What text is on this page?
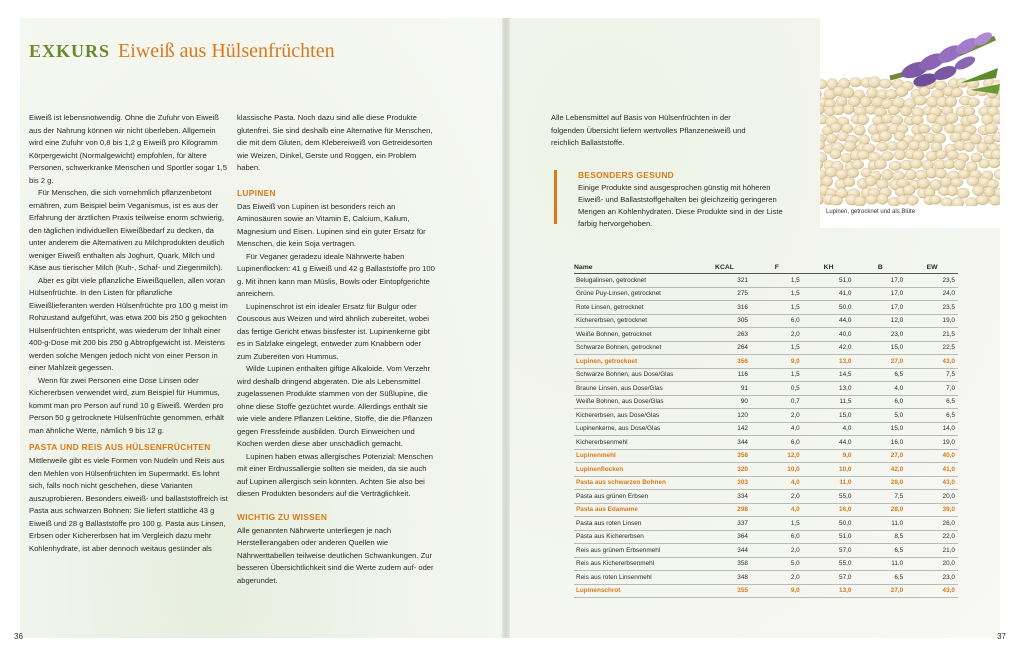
EXKURS Eiweiß aus Hülsenfrüchten

Eiweiß ist lebensnotwendig. Ohne die Zufuhr von Eiweiß aus der Nahrung können wir nicht überleben. Allgemein wird eine Zufuhr von 0,8 bis 1,2 g Eiweiß pro Kilogramm Körpergewicht (Normalgewicht) empfohlen, für ältere Personen, schwerkranke Menschen und Sportler sogar 1,5 bis 2 g.

Für Menschen, die sich vornehmlich pflanzenbetont ernähren, zum Beispiel beim Veganismus, ist es aus der Erfahrung der ärztlichen Praxis teilweise enorm schwierig, den täglichen individuellen Eiweißbedarf zu decken, da unter anderem die Alternativen zu Milchprodukten deutlich weniger Eiweiß enthalten als Joghurt, Quark, Milch und Käse aus tierischer Milch (Kuh-, Schaf- und Ziegenmilch).

Aber es gibt viele pflanzliche Eiweißquellen, allen voran Hülsenfrüchte. In den Listen für pflanzliche Eiweißlieferanten werden Hülsenfrüchte pro 100 g meist im Rohzustand aufgeführt, was etwa 200 bis 250 g gekochten Hülsenfrüchten entspricht, was wiederum der Inhalt einer 400-g-Dose mit 200 bis 250 g Abtropfgewicht ist. Meistens werden solche Mengen jedoch nicht von einer Person in einer Mahlzeit gegessen.

Wenn für zwei Personen eine Dose Linsen oder Kichererbsen verwendet wird, zum Beispiel für Hummus, kommt man pro Person auf rund 10 g Eiweiß. Werden pro Person 50 g getrocknete Hülsenfrüchte genommen, erhält man ähnliche Werte, nämlich 9 bis 12 g.

PASTA UND REIS AUS HÜLSENFRÜCHTEN

Mittlerweile gibt es viele Formen von Nudeln und Reis aus den Mehlen von Hülsenfrüchten im Supermarkt. Es lohnt sich, falls noch nicht geschehen, diese Varianten auszuprobieren. Besonders eiweiß- und ballaststoffreich ist Pasta aus schwarzen Bohnen: Sie liefert stattliche 43 g Eiweiß und 28 g Ballaststoffe pro 100 g. Pasta aus Linsen, Erbsen oder Kichererbsen hat im Vergleich dazu mehr Kohlenhydrate, ist aber dennoch weitaus gesünder als

klassische Pasta. Noch dazu sind alle diese Produkte glutenfrei. Sie sind deshalb eine Alternative für Menschen, die mit dem Gluten, dem Klebereiweiß von Getreidesorten wie Weizen, Dinkel, Gerste und Roggen, ein Problem haben.

LUPINEN

Das Eiweiß von Lupinen ist besonders reich an Aminosäuren sowie an Vitamin E, Calcium, Kalium, Magnesium und Eisen. Lupinen sind ein guter Ersatz für Menschen, die kein Soja vertragen.

Für Veganer geradezu ideale Nährwerte haben Lupinenflocken: 41 g Eiweiß und 42 g Ballaststoffe pro 100 g. Mit ihnen kann man Müslis, Bowls oder Eintopfgerichte anreichern.

Lupinenschrot ist ein idealer Ersatz für Bulgur oder Couscous aus Weizen und wird ähnlich zubereitet, wobei das fertige Gericht etwas bissfester ist. Lupinenkerne gibt es in Salzlake eingelegt, entweder zum Knabbern oder zum Zubereiten von Hummus.

Wilde Lupinen enthalten giftige Alkaloide. Vom Verzehr wird deshalb dringend abgeraten. Die als Lebensmittel zugelassenen Produkte stammen von der Süßlupine, die ohne diese Stoffe gezüchtet wurde. Allerdings enthält sie wie viele andere Pflanzen Lektine, Stoffe, die die Pflanzen gegen Fressfeinde ausbilden. Durch Einweichen und Kochen werden diese aber unschädlich gemacht.

Lupinen haben etwas allergisches Potenzial: Menschen mit einer Erdnussallergie sollten sie meiden, da sie auch auf Lupinen allergisch sein könnten. Achten Sie also bei diesen Produkten besonders auf die Verträglichkeit.

WICHTIG ZU WISSEN

Alle genannten Nährwerte unterliegen je nach Herstellerangaben oder anderen Quellen wie Nährwerttabellen teilweise deutlichen Schwankungen. Zur besseren Übersichtlichkeit sind die Werte zudem auf- oder abgerundet.

Alle Lebensmittel auf Basis von Hülsenfrüchten in der folgenden Übersicht liefern wertvolles Pflanzeneiweiß und reichlich Ballaststoffe.

BESONDERS GESUND

Einige Produkte sind ausgesprochen günstig mit höheren Eiweiß- und Ballaststoffgehalten bei gleichzeitig geringeren Mengen an Kohlenhydraten. Diese Produkte sind in der Liste farbig hervorgehoben.

Lupinen, getrocknet und als Blüte
Name	KCAL	F	KH	B	EW
Belugalinsen, getrocknet	321	1,5	51,0	17,0	23,5
Grüne Puy-Linsen, getrocknet	275	1,5	41,0	17,0	24,0
Rote Linsen, getrocknet	316	1,5	50,0	17,0	23,5
Kichererbsen, getrocknet	305	6,0	44,0	12,0	19,0
Weiße Bohnen, getrocknet	263	2,0	40,0	23,0	21,5
Schwarze Bohnen, getrocknet	264	1,5	42,0	15,0	22,5
Lupinen, getrocknet	356	9,0	13,0	27,0	43,0
Schwarze Bohnen, aus Dose/Glas	116	1,5	14,5	6,5	7,5
Braune Linsen, aus Dose/Glas	91	0,5	13,0	4,0	7,0
Weiße Bohnen, aus Dose/Glas	90	0,7	11,5	6,0	6,5
Kichererbsen, aus Dose/Glas	120	2,0	15,0	5,0	6,5
Lupinenkerne, aus Dose/Glas	142	4,0	4,0	15,0	14,0
Kichererbsenmehl	344	6,0	44,0	16,0	19,0
Lupinenmehl	358	12,0	9,0	27,0	40,0
Lupinenflocken	320	10,0	10,0	42,0	41,0
Pasta aus schwarzen Bohnen	303	4,0	11,0	28,0	43,0
Pasta aus grünen Erbsen	334	2,0	55,0	7,5	20,0
Pasta aus Edamame	298	4,0	16,0	28,0	39,0
Pasta aus roten Linsen	337	1,5	50,0	11,0	26,0
Pasta aus Kichererbsen	364	6,0	51,0	8,5	22,0
Reis aus grünem Erbsenmehl	344	2,0	57,0	6,5	21,0
Reis aus Kichererbsenmehl	358	5,0	55,0	11,0	20,0
Reis aus roten Linsenmehl	348	2,0	57,0	6,5	23,0
Lupinenschrot	355	9,0	13,0	27,0	43,0
36	37
